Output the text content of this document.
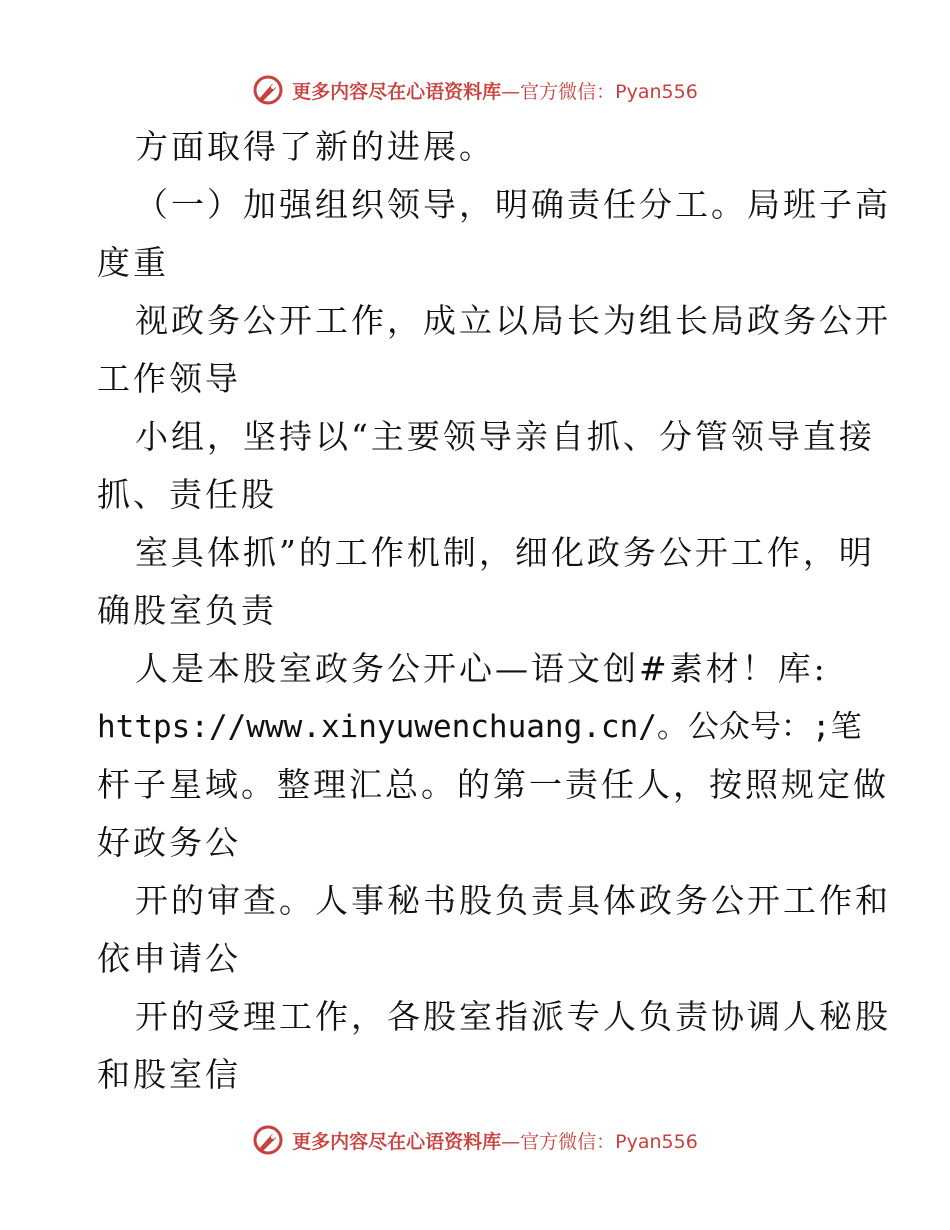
更多内容尽在心语资料库—官方微信：Pyan556
方面取得了新的进展。
（一）加强组织领导，明确责任分工。局班子高
度重
视政务公开工作，成立以局长为组长局政务公开
工作领导
小组，坚持以“主要领导亲自抓、分管领导直接
抓、责任股
室具体抓”的工作机制，细化政务公开工作，明
确股室负责
人是本股室政务公开心—语文创#素材！库:
https://www.xinyuwenchuang.cn/。公众号：;笔
杆子星域。整理汇总。的第一责任人，按照规定做
好政务公
开的审查。人事秘书股负责具体政务公开工作和
依申请公
开的受理工作，各股室指派专人负责协调人秘股
和股室信
更多内容尽在心语资料库—官方微信：Pyan556
